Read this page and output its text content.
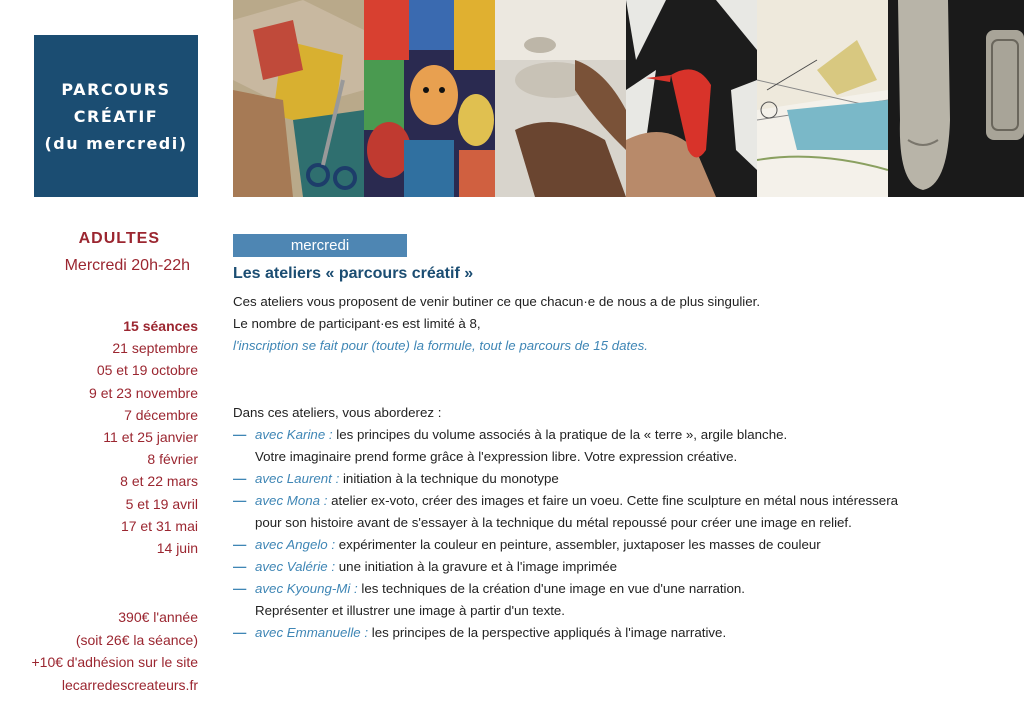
PARCOURS
CRÉATIF
(du mercredi)
ADULTES
Mercredi 20h-22h
15 séances
21 septembre
05 et 19 octobre
9 et 23 novembre
7 décembre
11 et 25 janvier
8 février
8 et 22 mars
5 et 19 avril
17 et 31 mai
14 juin
390€ l'année
(soit 26€ la séance)
+10€ d'adhésion sur le site
lecarredescreateurs.fr
mercredi
Les ateliers « parcours créatif »
Ces ateliers vous proposent de venir butiner ce que chacun·e de nous a de plus singulier.
Le nombre de participant·es est limité à 8,
l'inscription se fait pour (toute) la formule, tout le parcours de 15 dates.
Dans ces ateliers, vous aborderez :
— avec Karine : les principes du volume associés à la pratique de la « terre », argile blanche.
Votre imaginaire prend forme grâce à l'expression libre. Votre expression créative.
— avec Laurent : initiation à la technique du monotype
— avec Mona : atelier ex-voto, créer des images et faire un voeu. Cette fine sculpture en métal nous intéressera
pour son histoire avant de s'essayer à la technique du métal repoussé pour créer une image en relief.
— avec Angelo : expérimenter la couleur en peinture, assembler, juxtaposer les masses de couleur
— avec Valérie : une initiation à la gravure et à l'image imprimée
— avec Kyoung-Mi : les techniques de la création d'une image en vue d'une narration.
Représenter et illustrer une image à partir d'un texte.
— avec Emmanuelle : les principes de la perspective appliqués à l'image narrative.
